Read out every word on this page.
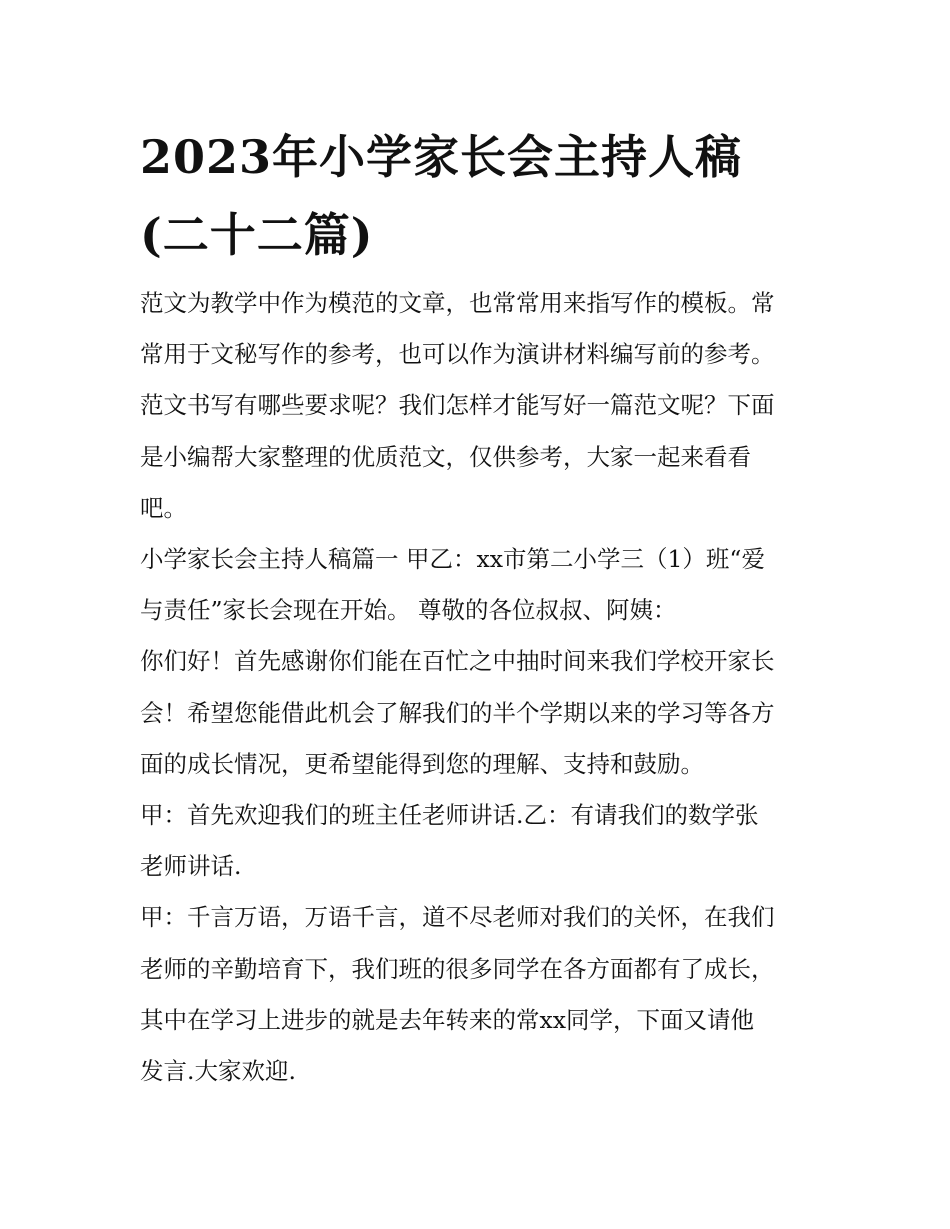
2023年小学家长会主持人稿
(二十二篇)
范文为教学中作为模范的文章，也常常用来指写作的模板。常
常用于文秘写作的参考，也可以作为演讲材料编写前的参考。
范文书写有哪些要求呢？我们怎样才能写好一篇范文呢？下面
是小编帮大家整理的优质范文，仅供参考，大家一起来看看
吧。
小学家长会主持人稿篇一 甲乙：xx市第二小学三（1）班“爱
与责任”家长会现在开始。 尊敬的各位叔叔、阿姨：
你们好！首先感谢你们能在百忙之中抽时间来我们学校开家长
会！希望您能借此机会了解我们的半个学期以来的学习等各方
面的成长情况，更希望能得到您的理解、支持和鼓励。
甲：首先欢迎我们的班主任老师讲话.乙：有请我们的数学张
老师讲话.
甲：千言万语，万语千言，道不尽老师对我们的关怀，在我们
老师的辛勤培育下，我们班的很多同学在各方面都有了成长，
其中在学习上进步的就是去年转来的常xx同学，下面又请他
发言.大家欢迎.
